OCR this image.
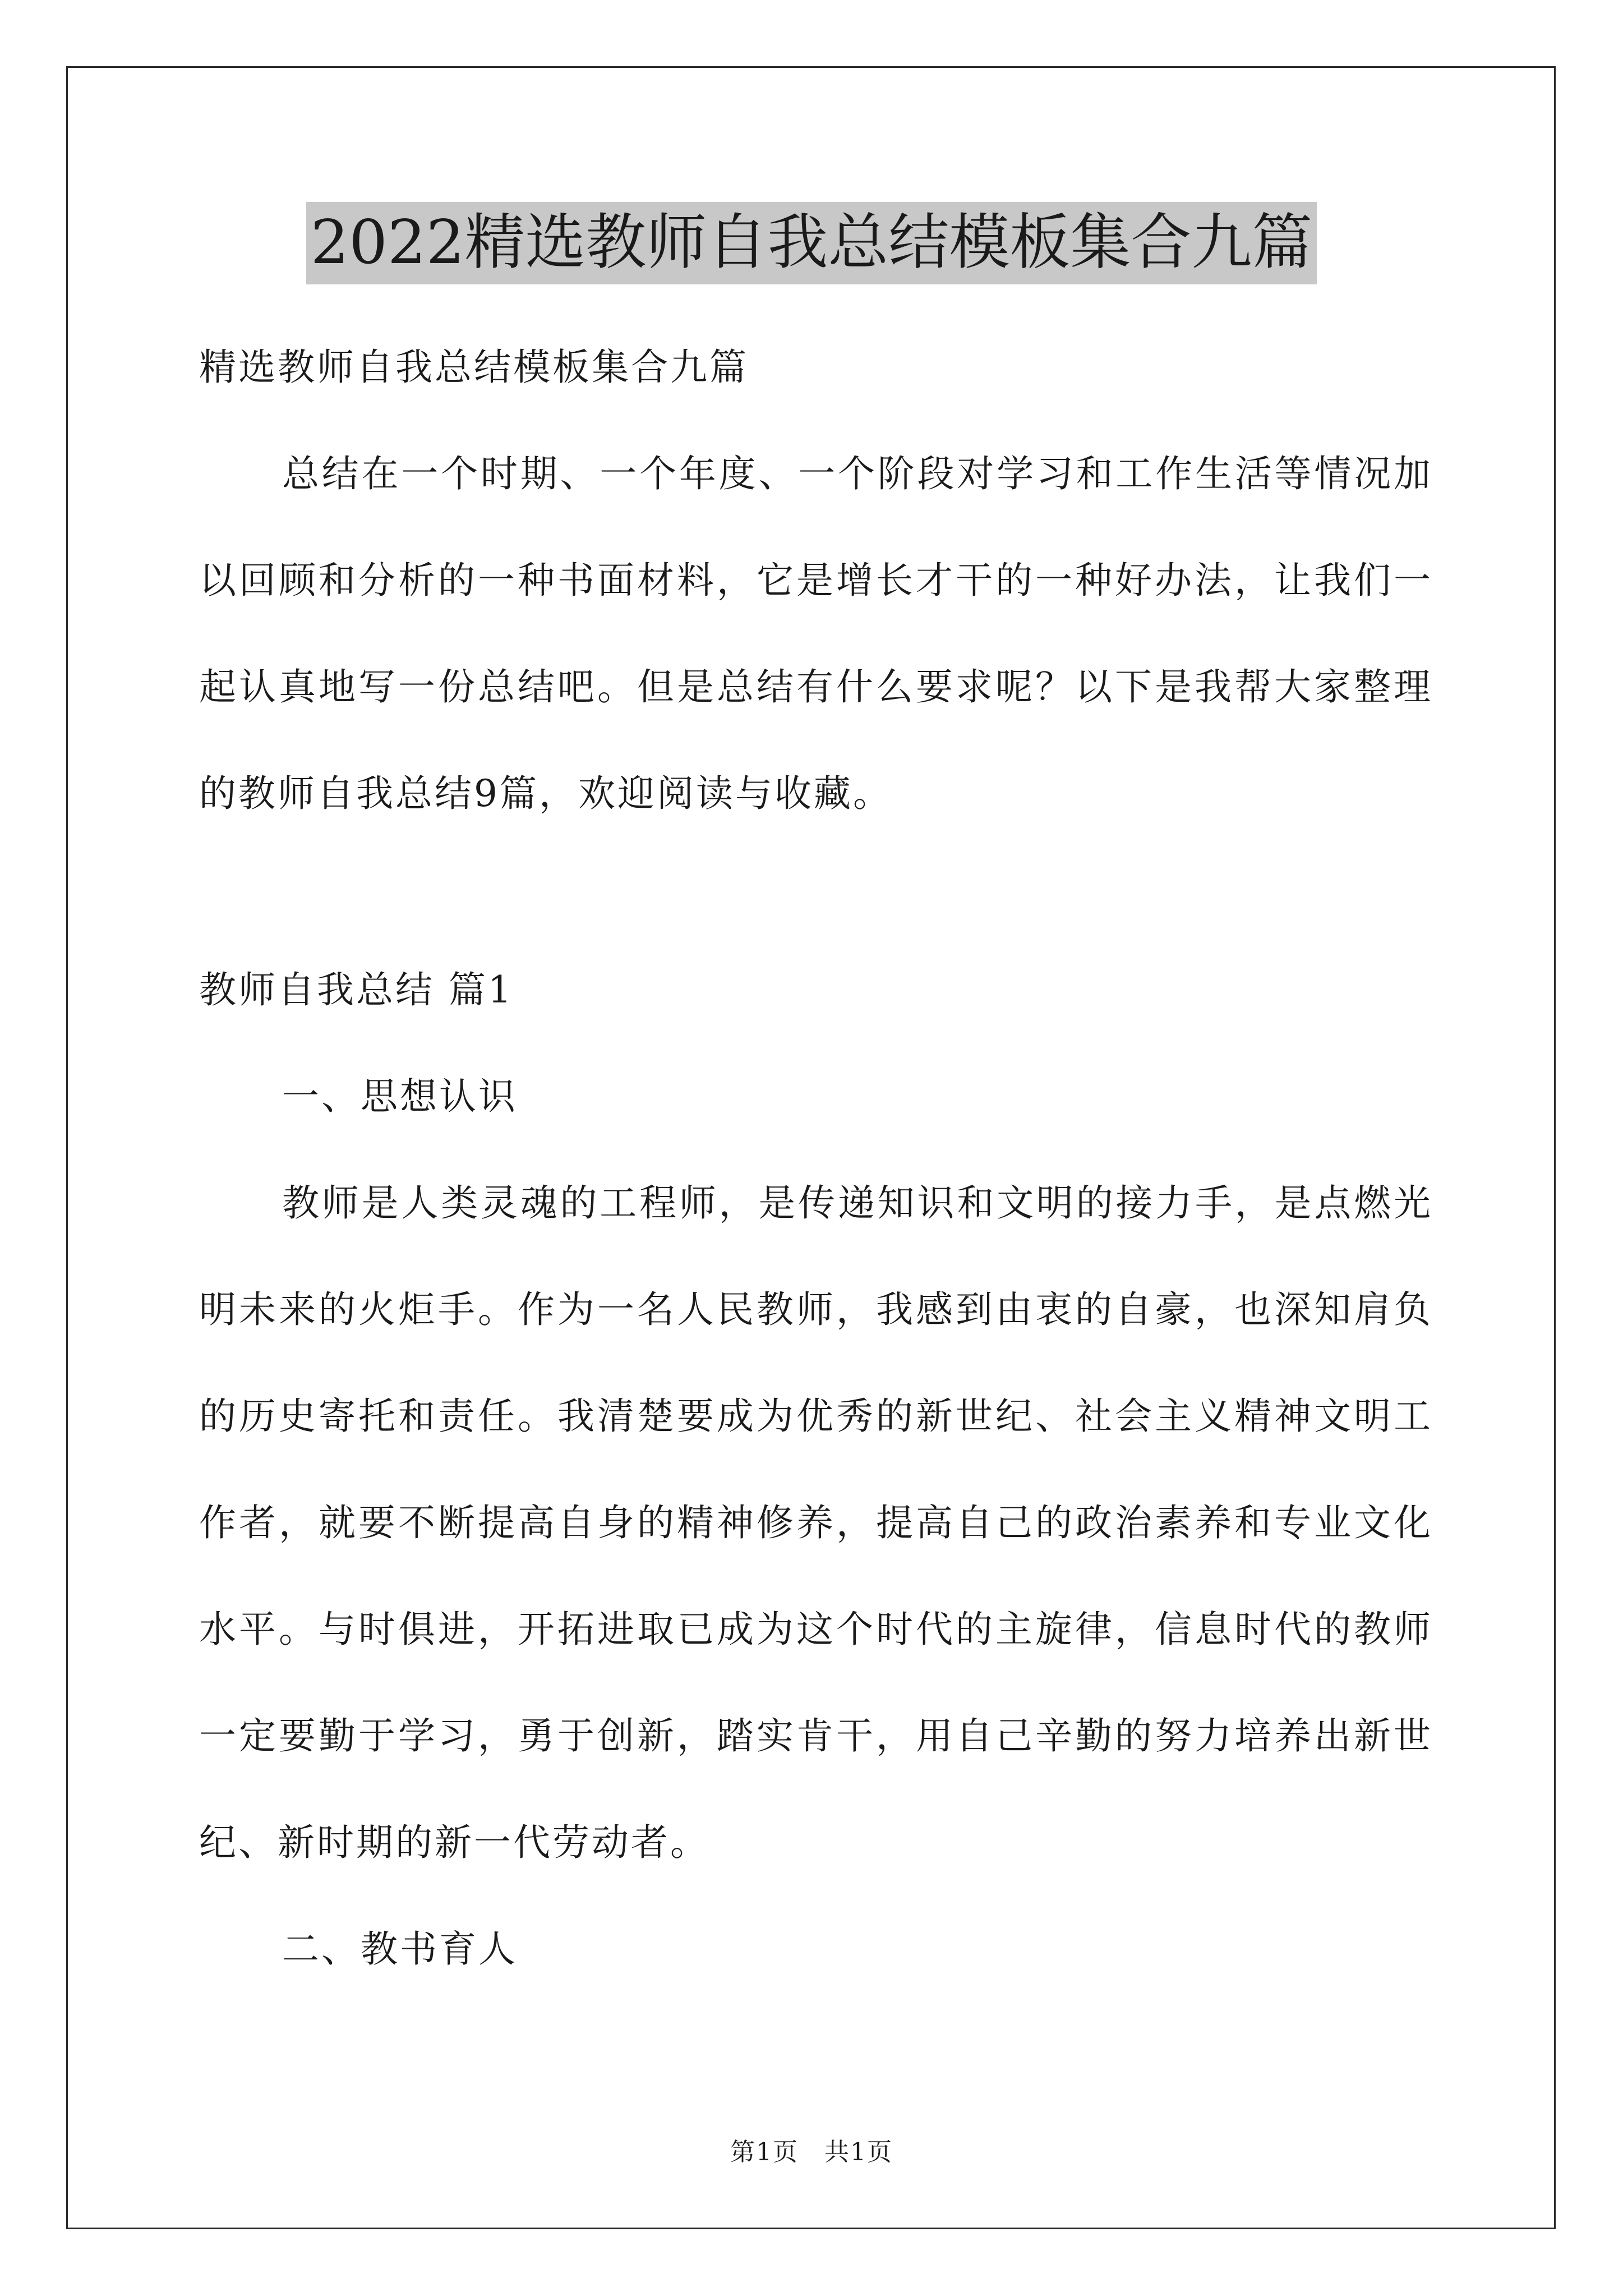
2022精选教师自我总结模板集合九篇

精选教师自我总结模板集合九篇

总结在一个时期、一个年度、一个阶段对学习和工作生活等情况加以回顾和分析的一种书面材料，它是增长才干的一种好办法，让我们一起认真地写一份总结吧。但是总结有什么要求呢？以下是我帮大家整理的教师自我总结9篇，欢迎阅读与收藏。

教师自我总结 篇1

一、思想认识

教师是人类灵魂的工程师，是传递知识和文明的接力手，是点燃光明未来的火炬手。作为一名人民教师，我感到由衷的自豪，也深知肩负的历史寄托和责任。我清楚要成为优秀的新世纪、社会主义精神文明工作者，就要不断提高自身的精神修养，提高自己的政治素养和专业文化水平。与时俱进，开拓进取已成为这个时代的主旋律，信息时代的教师一定要勤于学习，勇于创新，踏实肯干，用自己辛勤的努力培养出新世纪、新时期的新一代劳动者。

二、教书育人

第1页　共1页
